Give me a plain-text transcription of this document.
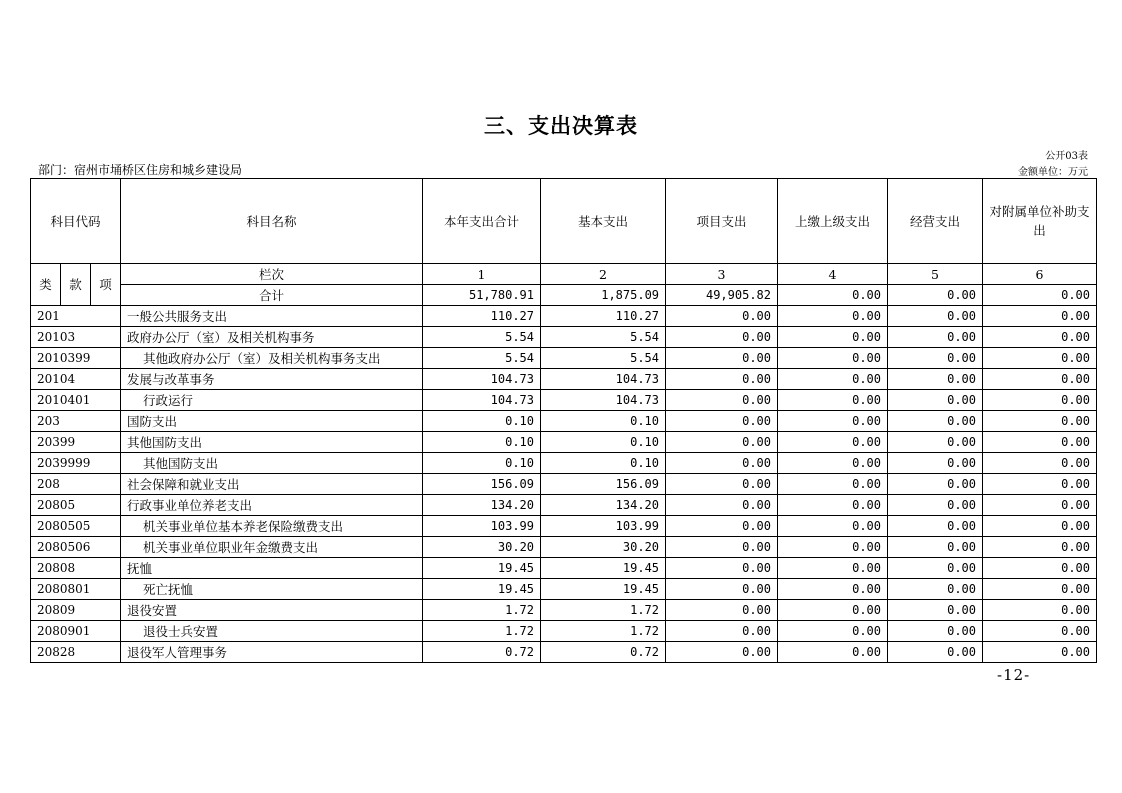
三、支出决算表
公开03表
部门：宿州市埇桥区住房和城乡建设局	金额单位：万元
科目代码			科目名称	本年支出合计	基本支出	项目支出	上缴上级支出	经营支出	对附属单位补助支出
类	款	项	栏次	1	2	3	4	5	6
			合计	51,780.91	1,875.09	49,905.82	0.00	0.00	0.00
201			一般公共服务支出	110.27	110.27	0.00	0.00	0.00	0.00
20103			政府办公厅（室）及相关机构事务	5.54	5.54	0.00	0.00	0.00	0.00
2010399			其他政府办公厅（室）及相关机构事务支出	5.54	5.54	0.00	0.00	0.00	0.00
20104			发展与改革事务	104.73	104.73	0.00	0.00	0.00	0.00
2010401			行政运行	104.73	104.73	0.00	0.00	0.00	0.00
203			国防支出	0.10	0.10	0.00	0.00	0.00	0.00
20399			其他国防支出	0.10	0.10	0.00	0.00	0.00	0.00
2039999			其他国防支出	0.10	0.10	0.00	0.00	0.00	0.00
208			社会保障和就业支出	156.09	156.09	0.00	0.00	0.00	0.00
20805			行政事业单位养老支出	134.20	134.20	0.00	0.00	0.00	0.00
2080505			机关事业单位基本养老保险缴费支出	103.99	103.99	0.00	0.00	0.00	0.00
2080506			机关事业单位职业年金缴费支出	30.20	30.20	0.00	0.00	0.00	0.00
20808			抚恤	19.45	19.45	0.00	0.00	0.00	0.00
2080801			死亡抚恤	19.45	19.45	0.00	0.00	0.00	0.00
20809			退役安置	1.72	1.72	0.00	0.00	0.00	0.00
2080901			退役士兵安置	1.72	1.72	0.00	0.00	0.00	0.00
20828			退役军人管理事务	0.72	0.72	0.00	0.00	0.00	0.00
-12-
